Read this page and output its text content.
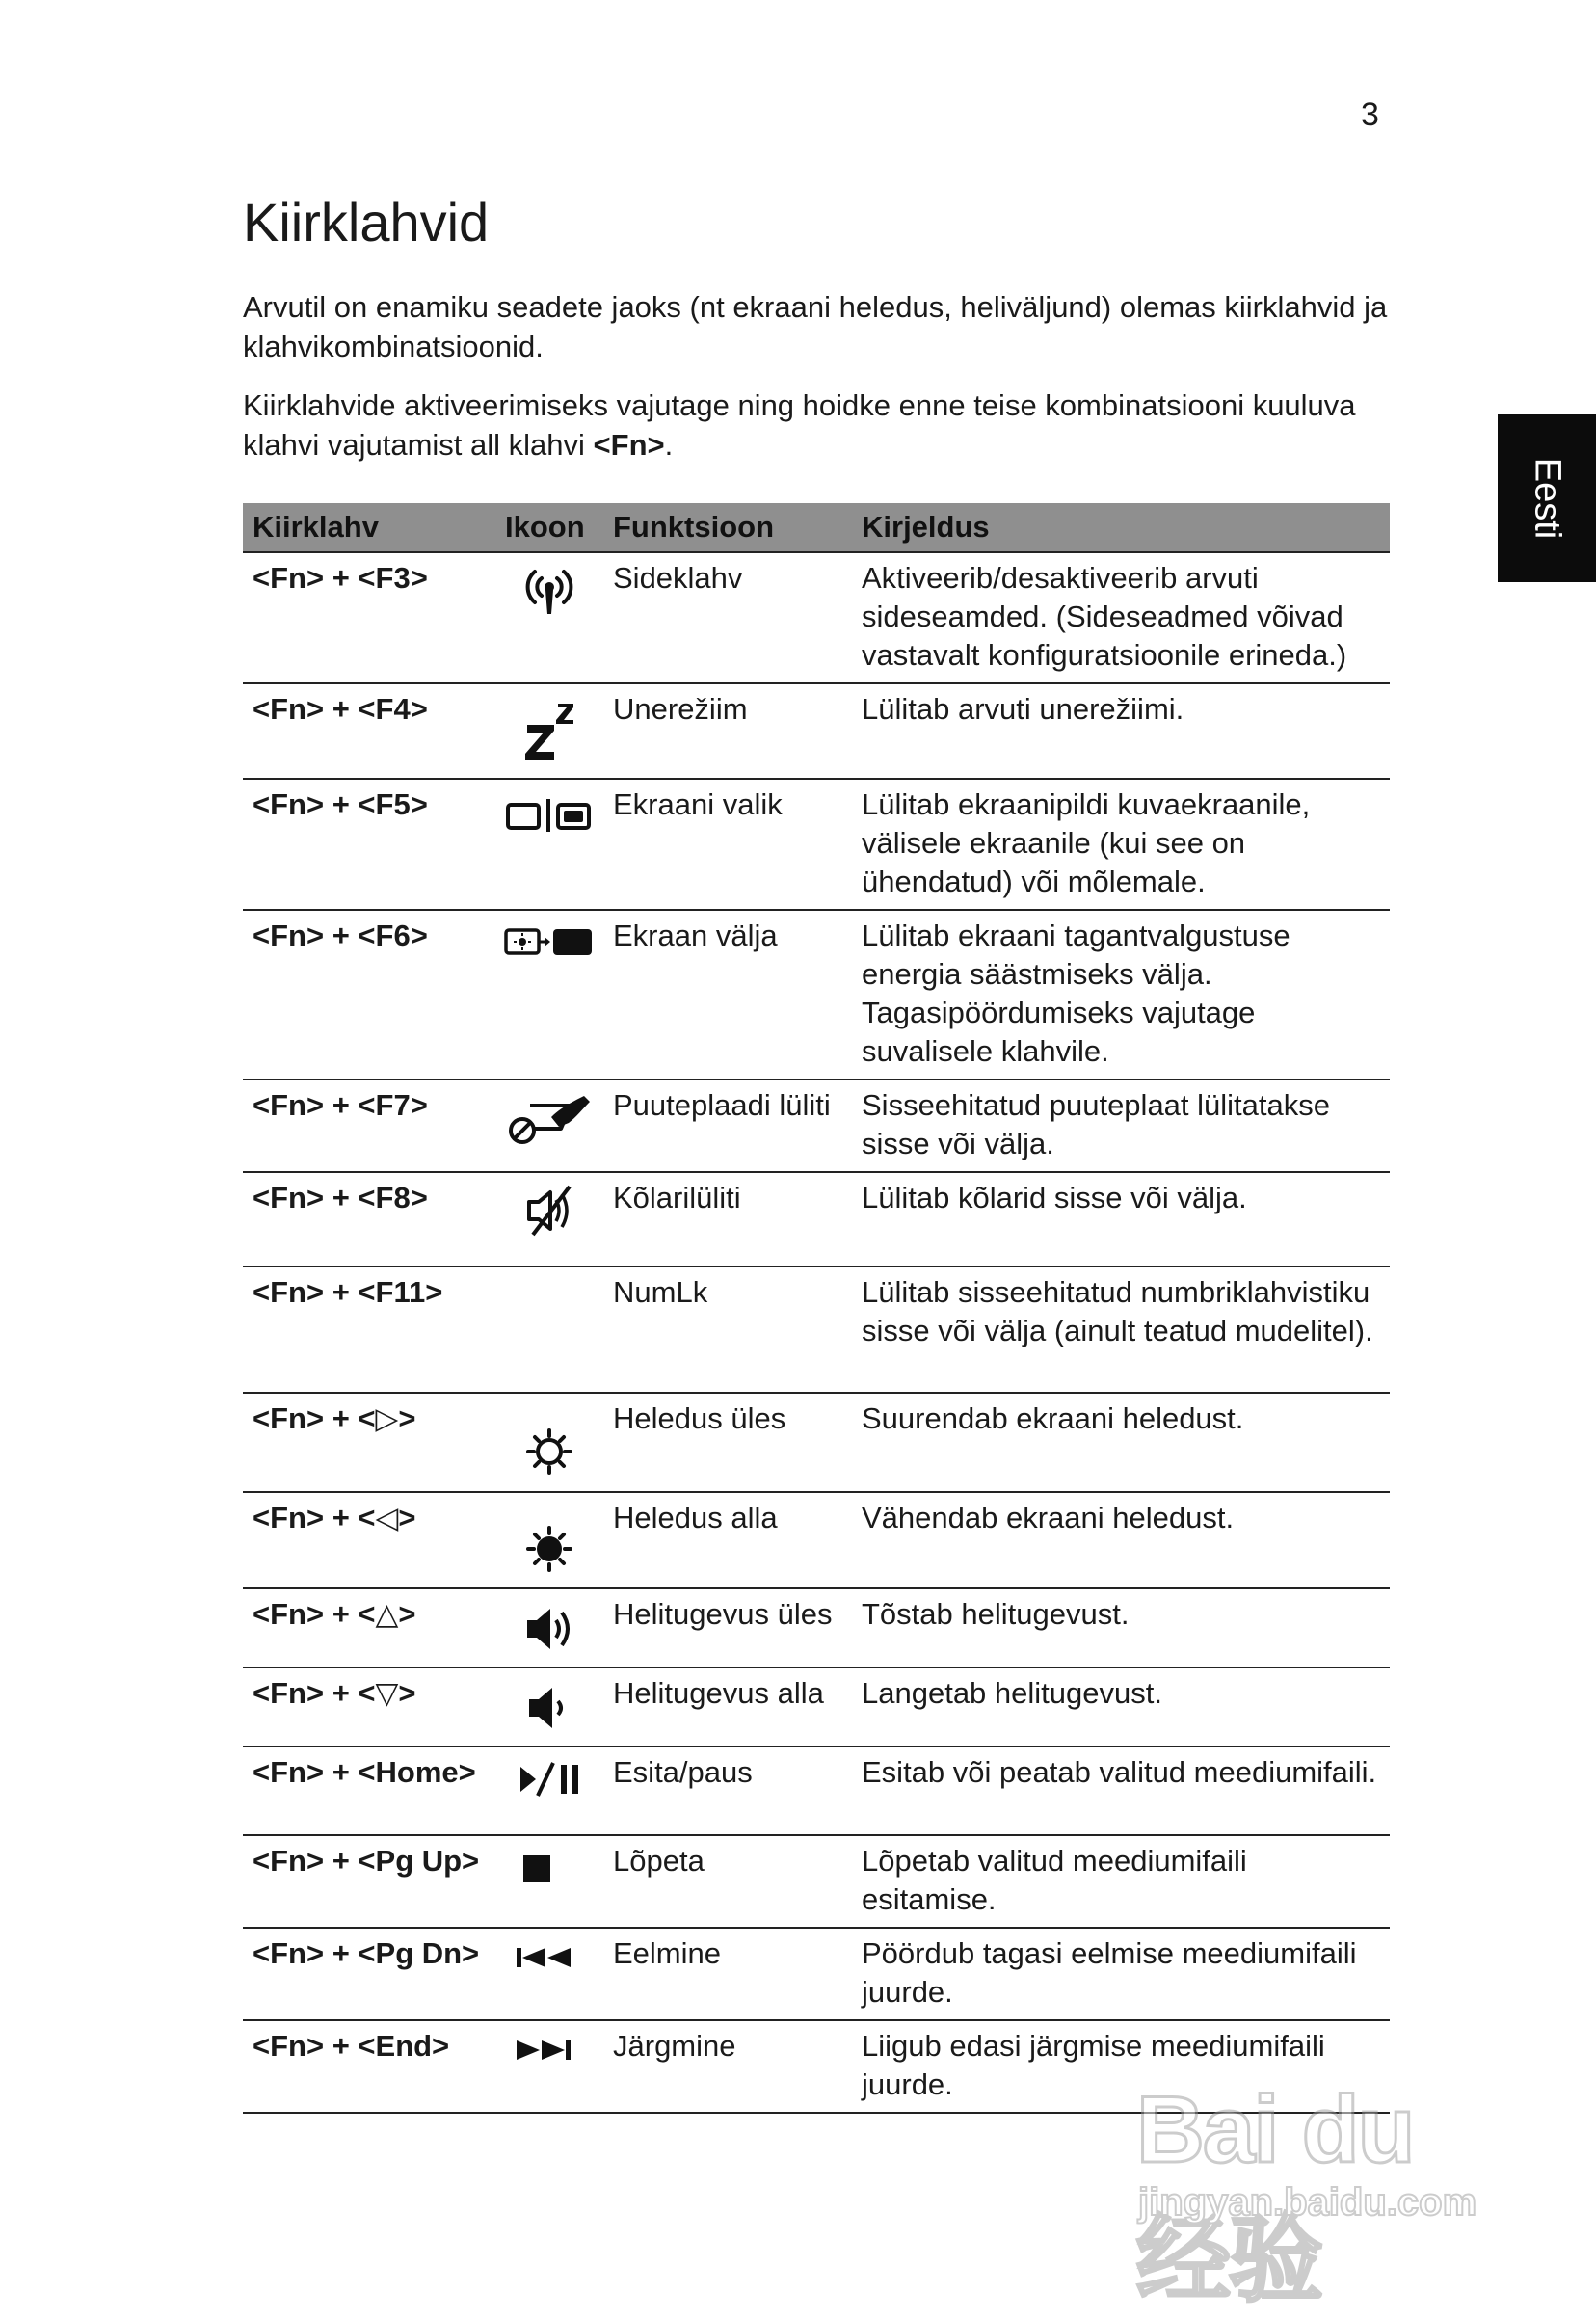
3
Eesti
Kiirklahvid

Arvutil on enamiku seadete jaoks (nt ekraani heledus, heliväljund) olemas kiirklahvid ja klahvikombinatsioonid.

Kiirklahvide aktiveerimiseks vajutage ning hoidke enne teise kombinatsiooni kuuluva klahvi vajutamist all klahvi <Fn>.

Kiirklahv	Ikoon	Funktsioon	Kirjeldus
<Fn> + <F3>		Sideklahv	Aktiveerib/desaktiveerib arvuti sideseamded. (Sideseadmed võivad vastavalt konfiguratsioonile erineda.)
<Fn> + <F4>		Unerežiim	Lülitab arvuti unerežiimi.
<Fn> + <F5>		Ekraani valik	Lülitab ekraanipildi kuvaekraanile, välisele ekraanile (kui see on ühendatud) või mõlemale.
<Fn> + <F6>		Ekraan välja	Lülitab ekraani tagantvalgustuse energia säästmiseks välja. Tagasipöördumiseks vajutage suvalisele klahvile.
<Fn> + <F7>		Puuteplaadi lüliti	Sisseehitatud puuteplaat lülitatakse sisse või välja.
<Fn> + <F8>		Kõlarilüliti	Lülitab kõlarid sisse või välja.
<Fn> + <F11>		NumLk	Lülitab sisseehitatud numbriklahvistiku sisse või välja (ainult teatud mudelitel).
<Fn> + <▷>		Heledus üles	Suurendab ekraani heledust.
<Fn> + <◁>		Heledus alla	Vähendab ekraani heledust.
<Fn> + <△>		Helitugevus üles	Tõstab helitugevust.
<Fn> + <▽>		Helitugevus alla	Langetab helitugevust.
<Fn> + <Home>		Esita/paus	Esitab või peatab valitud meediumifaili.
<Fn> + <Pg Up>		Lõpeta	Lõpetab valitud meediumifaili esitamise.
<Fn> + <Pg Dn>		Eelmine	Pöördub tagasi eelmise meediumifaili juurde.
<Fn> + <End>		Järgmine	Liigub edasi järgmise meediumifaili juurde. Bai du 经验
jingyan.baidu.com
